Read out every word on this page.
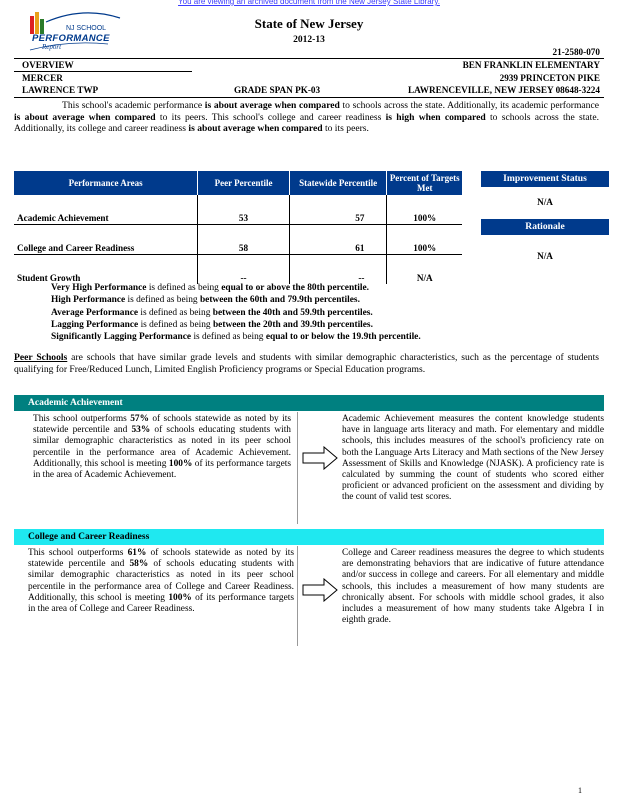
You are viewing an archived document from the New Jersey State Library.
NJ SCHOOL
PERFORMANCE
Report
State of New Jersey
2012-13
21-2580-070
OVERVIEW
MERCER
LAWRENCE TWP	GRADE SPAN PK-03
BEN FRANKLIN ELEMENTARY
2939 PRINCETON PIKE
LAWRENCEVILLE, NEW JERSEY 08648-3224
This school's academic performance is about average when compared to schools across the state. Additionally, its academic performance is about average when compared to its peers. This school's college and career readiness is high when compared to schools across the state. Additionally, its college and career readiness is about average when compared to its peers.
Performance Areas	Peer Percentile	Statewide Percentile	Percent of Targets Met
Academic Achievement	53	57	100%
College and Career Readiness	58	61	100%
Student Growth	--	--	N/A
Improvement Status
N/A
Rationale
N/A
Very High Performance is defined as being equal to or above the 80th percentile.
High Performance is defined as being between the 60th and 79.9th percentiles.
Average Performance is defined as being between the 40th and 59.9th percentiles.
Lagging Performance is defined as being between the 20th and 39.9th percentiles.
Significantly Lagging Performance is defined as being equal to or below the 19.9th percentile.
Peer Schools are schools that have similar grade levels and students with similar demographic characteristics, such as the percentage of students qualifying for Free/Reduced Lunch, Limited English Proficiency programs or Special Education programs.
Academic Achievement
This school outperforms 57% of schools statewide as noted by its statewide percentile and 53% of schools educating students with similar demographic characteristics as noted in its peer school percentile in the performance area of Academic Achievement. Additionally, this school is meeting 100% of its performance targets in the area of Academic Achievement.
Academic Achievement measures the content knowledge students have in language arts literacy and math. For elementary and middle schools, this includes measures of the school's proficiency rate on both the Language Arts Literacy and Math sections of the New Jersey Assessment of Skills and Knowledge (NJASK). A proficiency rate is calculated by summing the count of students who scored either proficient or advanced proficient on the assessment and dividing by the count of valid test scores.
College and Career Readiness
This school outperforms 61% of schools statewide as noted by its statewide percentile and 58% of schools educating students with similar demographic characteristics as noted in its peer school percentile in the performance area of College and Career Readiness. Additionally, this school is meeting 100% of its performance targets in the area of College and Career Readiness.
College and Career readiness measures the degree to which students are demonstrating behaviors that are indicative of future attendance and/or success in college and careers. For all elementary and middle schools, this includes a measurement of how many students are chronically absent. For schools with middle school grades, it also includes a measurement of how many students take Algebra I in eighth grade.
1
